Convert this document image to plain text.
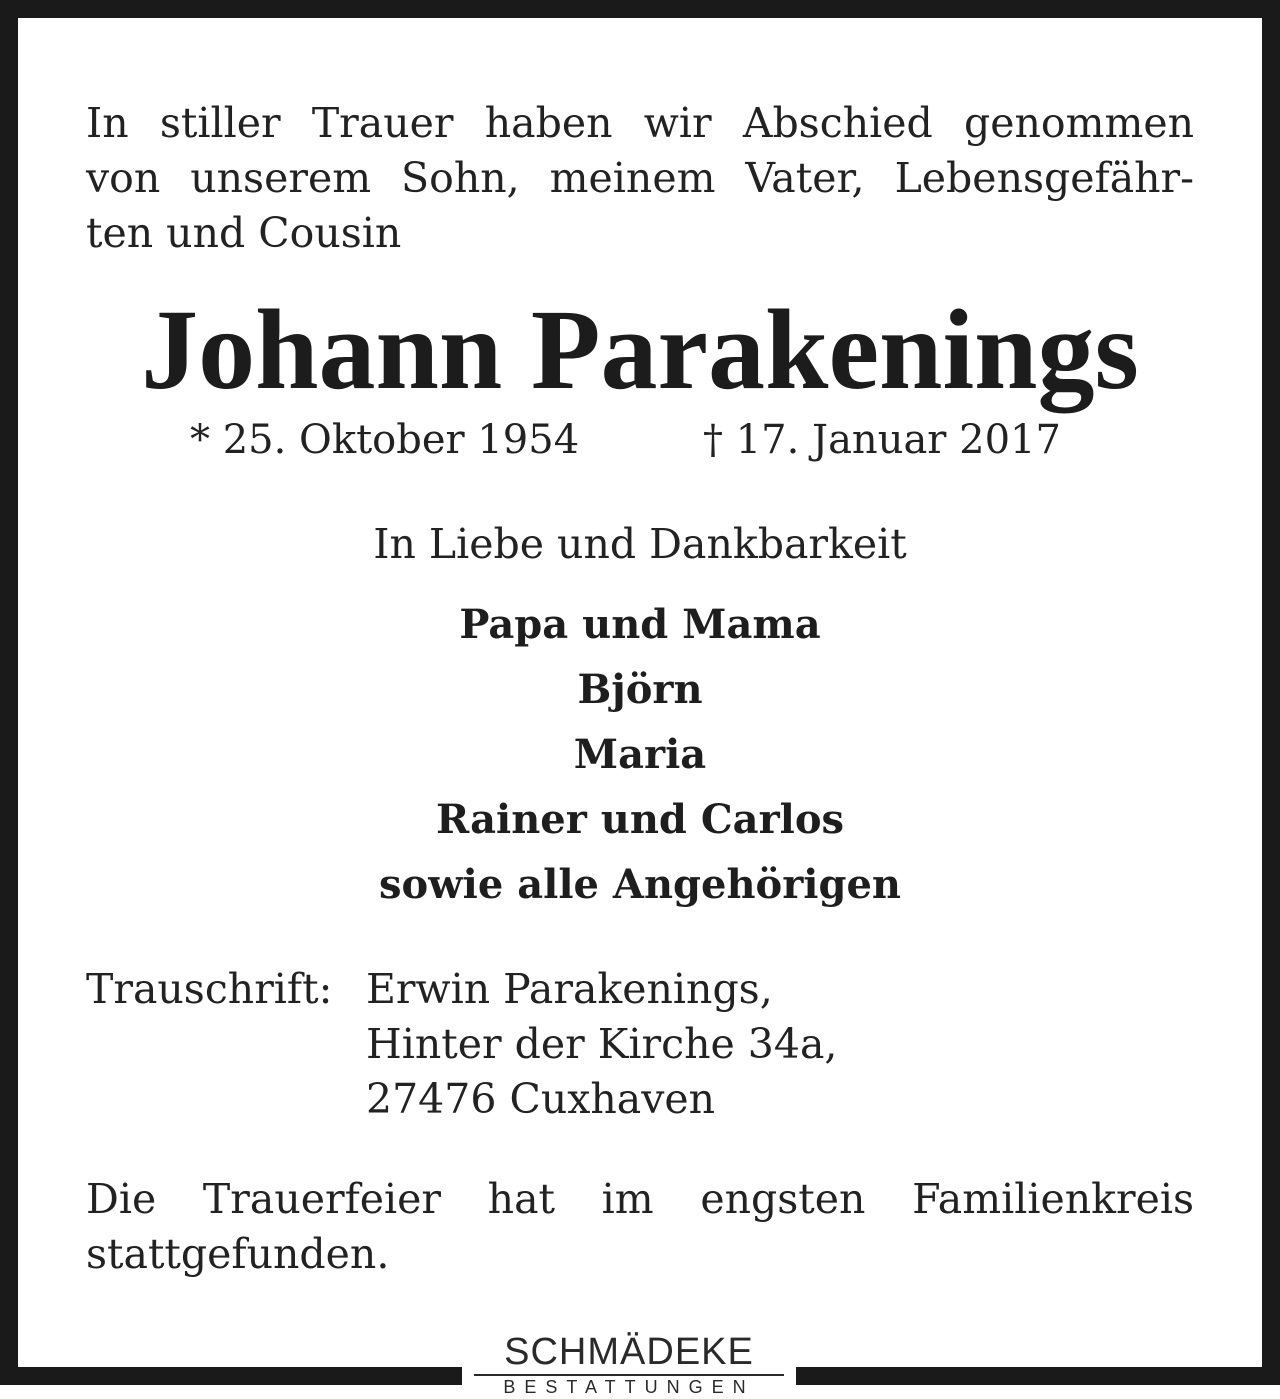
In stiller Trauer haben wir Abschied genommen
von unserem Sohn, meinem Vater, Lebensgefähr-
ten und Cousin
Johann Parakenings
* 25. Oktober 1954	† 17. Januar 2017
In Liebe und Dankbarkeit
Papa und Mama
Björn
Maria
Rainer und Carlos
sowie alle Angehörigen
Trauschrift: Erwin Parakenings,
Hinter der Kirche 34a,
27476 Cuxhaven
Die Trauerfeier hat im engsten Familienkreis
stattgefunden.
SCHMÄDEKE
BESTATTUNGEN
